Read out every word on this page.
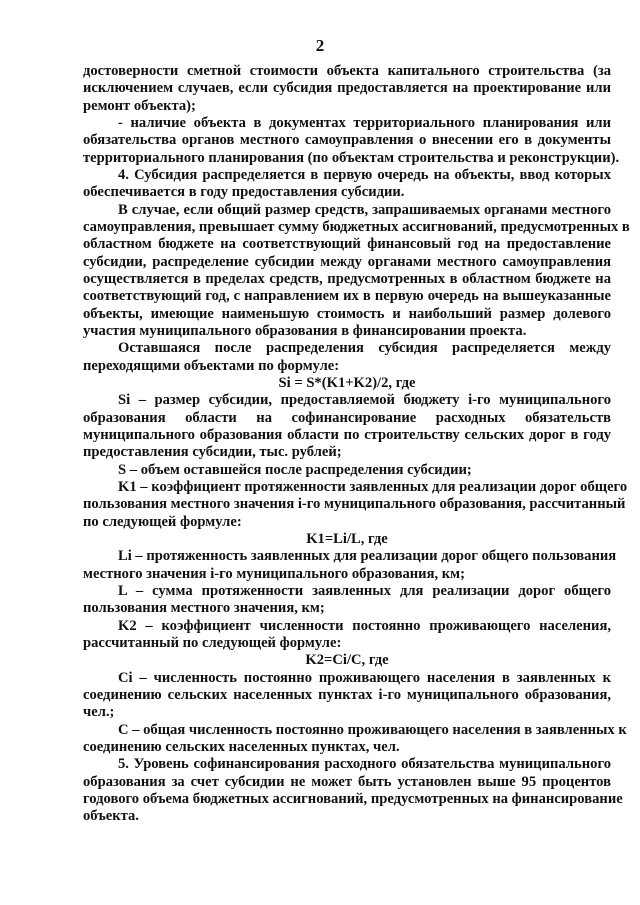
2
достоверности сметной стоимости объекта капитального строительства (за
исключением случаев, если субсидия предоставляется на проектирование или
ремонт объекта);
- наличие объекта в документах территориального планирования или
обязательства органов местного самоуправления о внесении его в документы
территориального планирования (по объектам строительства и реконструкции).
4. Субсидия распределяется в первую очередь на объекты, ввод которых
обеспечивается в году предоставления субсидии.
В случае, если общий размер средств, запрашиваемых органами местного
самоуправления, превышает сумму бюджетных ассигнований, предусмотренных в
областном бюджете на соответствующий финансовый год на предоставление
субсидии, распределение субсидии между органами местного самоуправления
осуществляется в пределах средств, предусмотренных в областном бюджете на
соответствующий год, с направлением их в первую очередь на вышеуказанные
объекты, имеющие наименьшую стоимость и наибольший размер долевого
участия муниципального образования в финансировании проекта.
Оставшаяся после распределения субсидия распределяется между
переходящими объектами по формуле:
Si = S*(K1+K2)/2, где
Si – размер субсидии, предоставляемой бюджету i-го муниципального
образования области на софинансирование расходных обязательств
муниципального образования области по строительству сельских дорог в году
предоставления субсидии, тыс. рублей;
S – объем оставшейся после распределения субсидии;
K1 – коэффициент протяженности заявленных для реализации дорог общего
пользования местного значения i-го муниципального образования, рассчитанный
по следующей формуле:
K1=Li/L, где
Li – протяженность заявленных для реализации дорог общего пользования
местного значения i-го муниципального образования, км;
L – сумма протяженности заявленных для реализации дорог общего
пользования местного значения, км;
K2 – коэффициент численности постоянно проживающего населения,
рассчитанный по следующей формуле:
K2=Ci/C, где
Ci – численность постоянно проживающего населения в заявленных к
соединению сельских населенных пунктах i-го муниципального образования,
чел.;
C – общая численность постоянно проживающего населения в заявленных к
соединению сельских населенных пунктах, чел.
5. Уровень софинансирования расходного обязательства муниципального
образования за счет субсидии не может быть установлен выше 95 процентов
годового объема бюджетных ассигнований, предусмотренных на финансирование
объекта.
